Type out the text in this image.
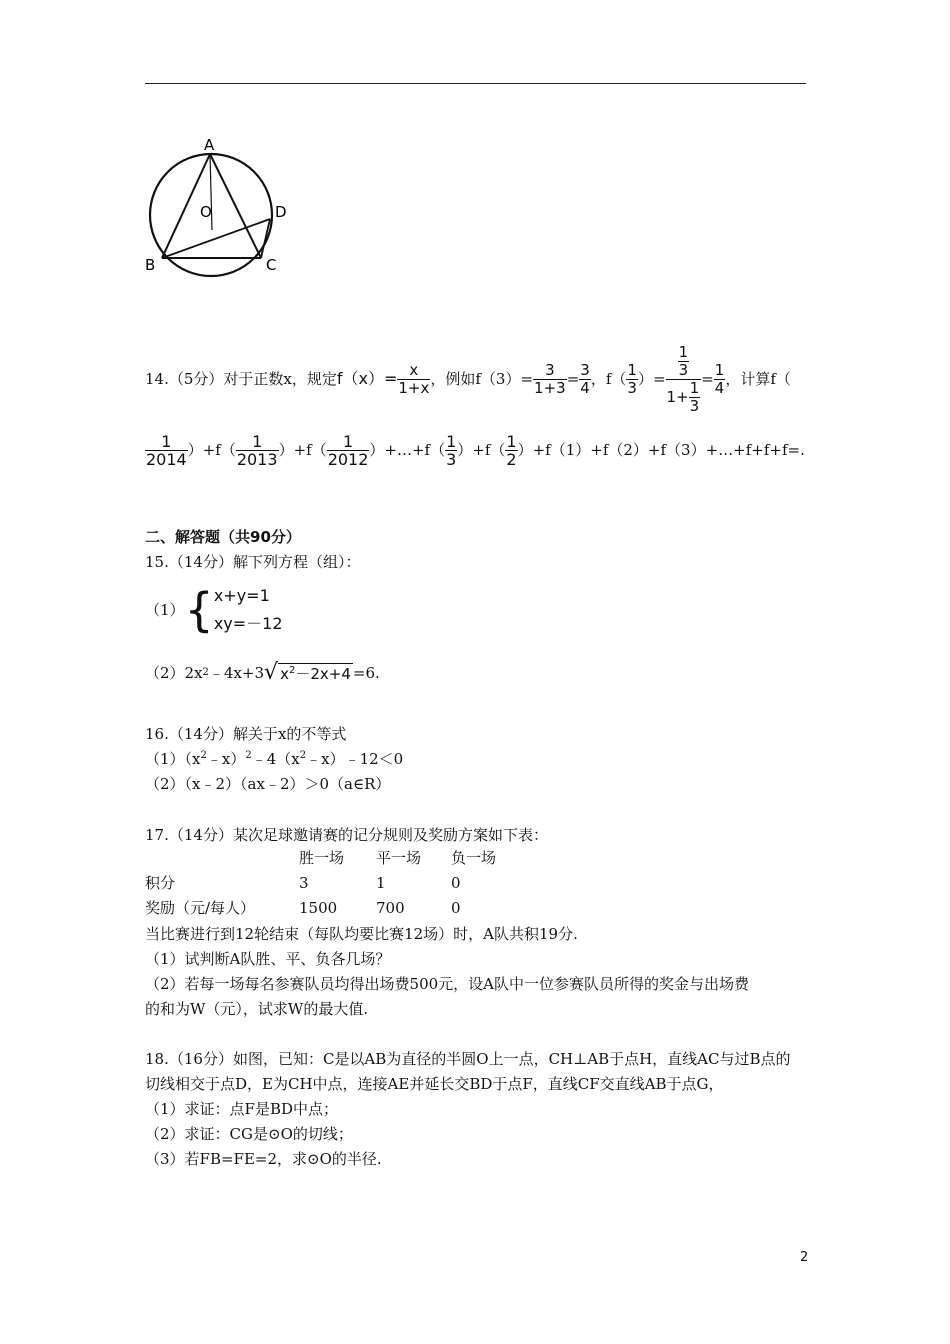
A
O	D
B	C
14.（5分）对于正数x，规定 $f(x)= \frac{x}{1+x}$ ，例如$f(3)= \frac{3}{1+3} = \frac{3}{4}$ ，$f( \frac{1}{3}$ ）= $\frac{\frac{1}{3}}{1+ \frac{1}{3}} = \frac{1}{4}$ ，计算f（
$\frac{1}{2014} )+f( \frac{1}{2013} )+f( \frac{1}{2012}$ ）+…+f（ $\frac{1}{3} )+f( \frac{1}{2}$ ）+f（1）+f（2）+f（3）+…+f+f+f=.
二、解答题（共90分）
15.（14分）解下列方程（组）：
（1） { x+y=1
xy=－12
（2）2x 2 ﹣4x+3 √ $x^2-2x+4 =6$.
16.（14分）解关于x的不等式
$(1)(x^2﹣x)^2﹣4(x^2﹣x)﹣12<0$
（2）（x﹣2）（ax﹣2）＞0（a∈R）
17.（14分）某次足球邀请赛的记分规则及奖励方案如下表：
	胜一场	平一场	负一场
积分	3	1	0
奖励（元/每人）	1500	700	0
当比赛进行到12轮结束（每队均要比赛12场）时，A队共积19分.
（1）试判断A队胜、平、负各几场？
（2）若每一场每名参赛队员均得出场费500元，设A队中一位参赛队员所得的奖金与出场费
的和为W（元），试求W的最大值.
18.（16分）如图，已知：C是以AB为直径的半圆O上一点，CH⊥AB于点H，直线AC与过B点的
切线相交于点D，E为CH中点，连接AE并延长交BD于点F，直线CF交直线AB于点G，
（1）求证：点F是BD中点；
（2）求证：CG是⊙O的切线；
（3）若FB=FE=2，求⊙O的半径.
2
